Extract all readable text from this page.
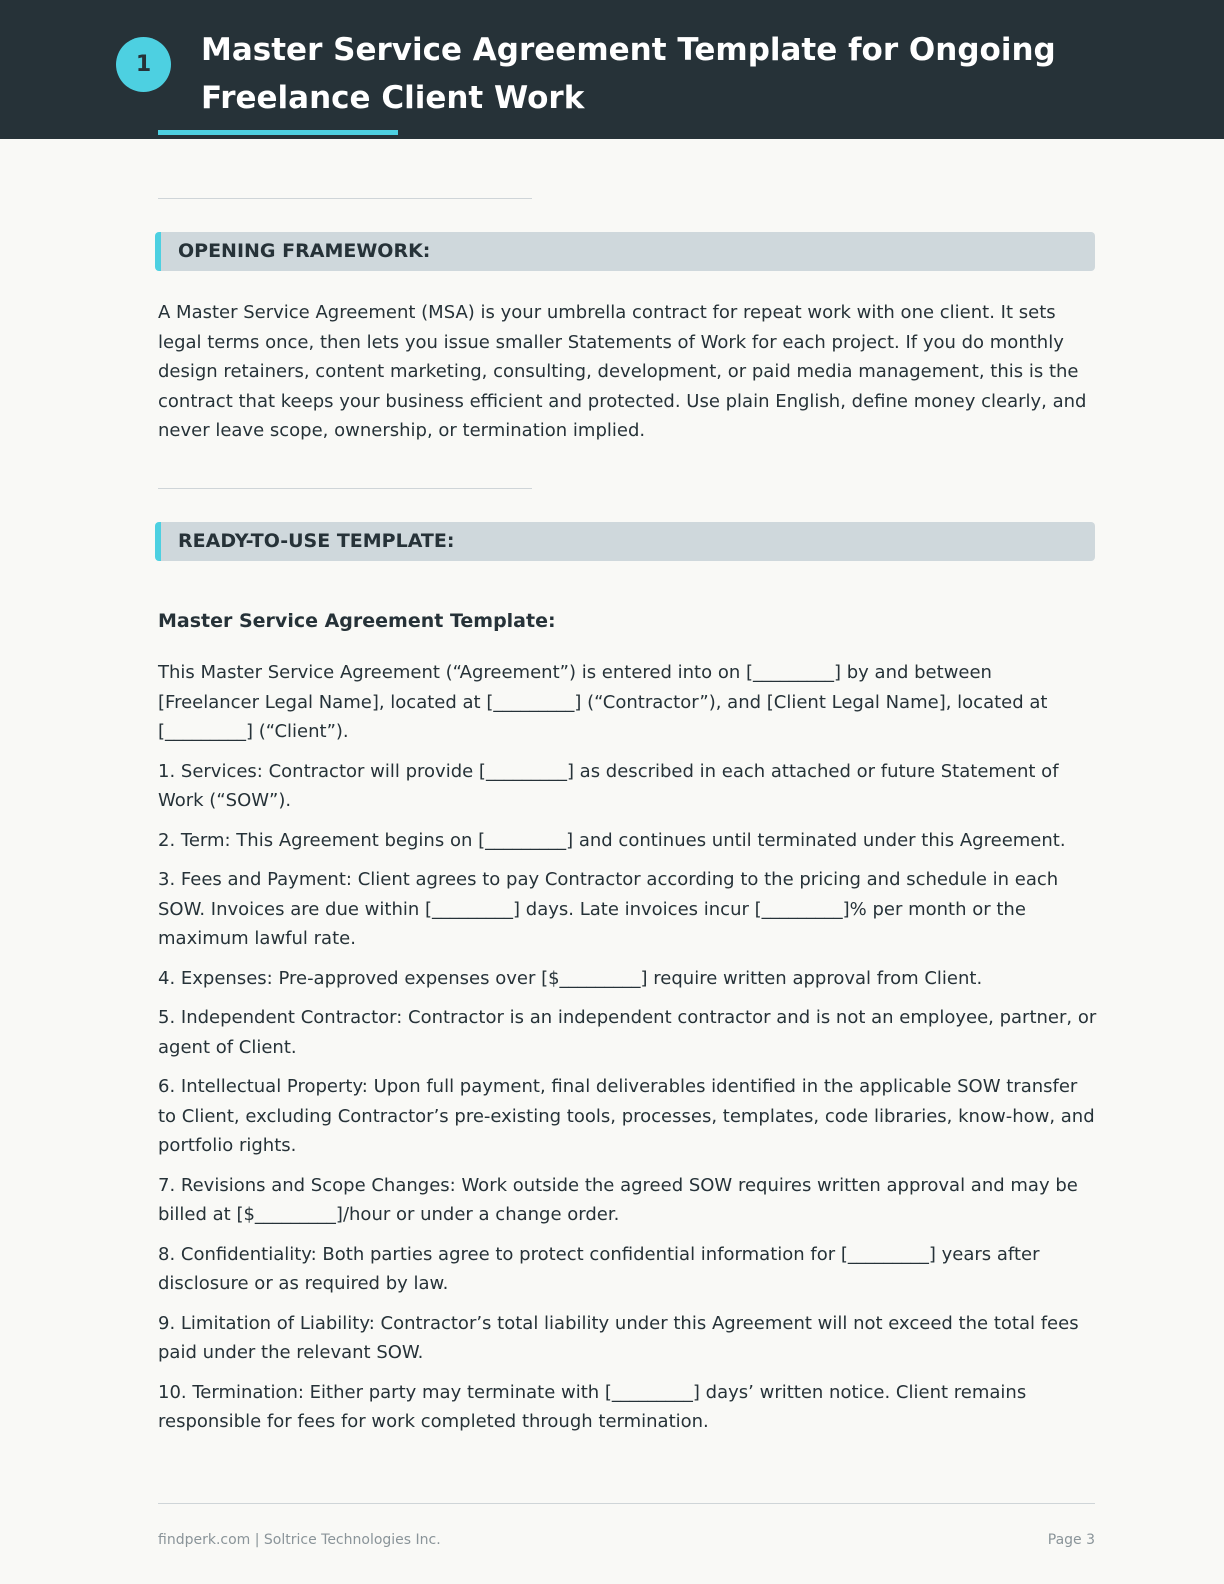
1	Master Service Agreement Template for Ongoing Freelance Client Work
OPENING FRAMEWORK:

A Master Service Agreement (MSA) is your umbrella contract for repeat work with one client. It sets legal terms once, then lets you issue smaller Statements of Work for each project. If you do monthly design retainers, content marketing, consulting, development, or paid media management, this is the contract that keeps your business efficient and protected. Use plain English, define money clearly, and never leave scope, ownership, or termination implied.

READY-TO-USE TEMPLATE:
Master Service Agreement Template:

This Master Service Agreement (“Agreement”) is entered into on [_________] by and between [Freelancer Legal Name], located at [_________] (“Contractor”), and [Client Legal Name], located at [_________] (“Client”).

1. Services: Contractor will provide [_________] as described in each attached or future Statement of Work (“SOW”).

2. Term: This Agreement begins on [_________] and continues until terminated under this Agreement.

3. Fees and Payment: Client agrees to pay Contractor according to the pricing and schedule in each SOW. Invoices are due within [_________] days. Late invoices incur [_________]% per month or the maximum lawful rate.

4. Expenses: Pre-approved expenses over [$_________] require written approval from Client.

5. Independent Contractor: Contractor is an independent contractor and is not an employee, partner, or agent of Client.

6. Intellectual Property: Upon full payment, final deliverables identified in the applicable SOW transfer to Client, excluding Contractor’s pre-existing tools, processes, templates, code libraries, know-how, and portfolio rights.

7. Revisions and Scope Changes: Work outside the agreed SOW requires written approval and may be billed at [$_________]/hour or under a change order.

8. Confidentiality: Both parties agree to protect confidential information for [_________] years after disclosure or as required by law.

9. Limitation of Liability: Contractor’s total liability under this Agreement will not exceed the total fees paid under the relevant SOW.

10. Termination: Either party may terminate with [_________] days’ written notice. Client remains responsible for fees for work completed through termination.

findperk.com | Soltrice Technologies Inc.	Page 3
